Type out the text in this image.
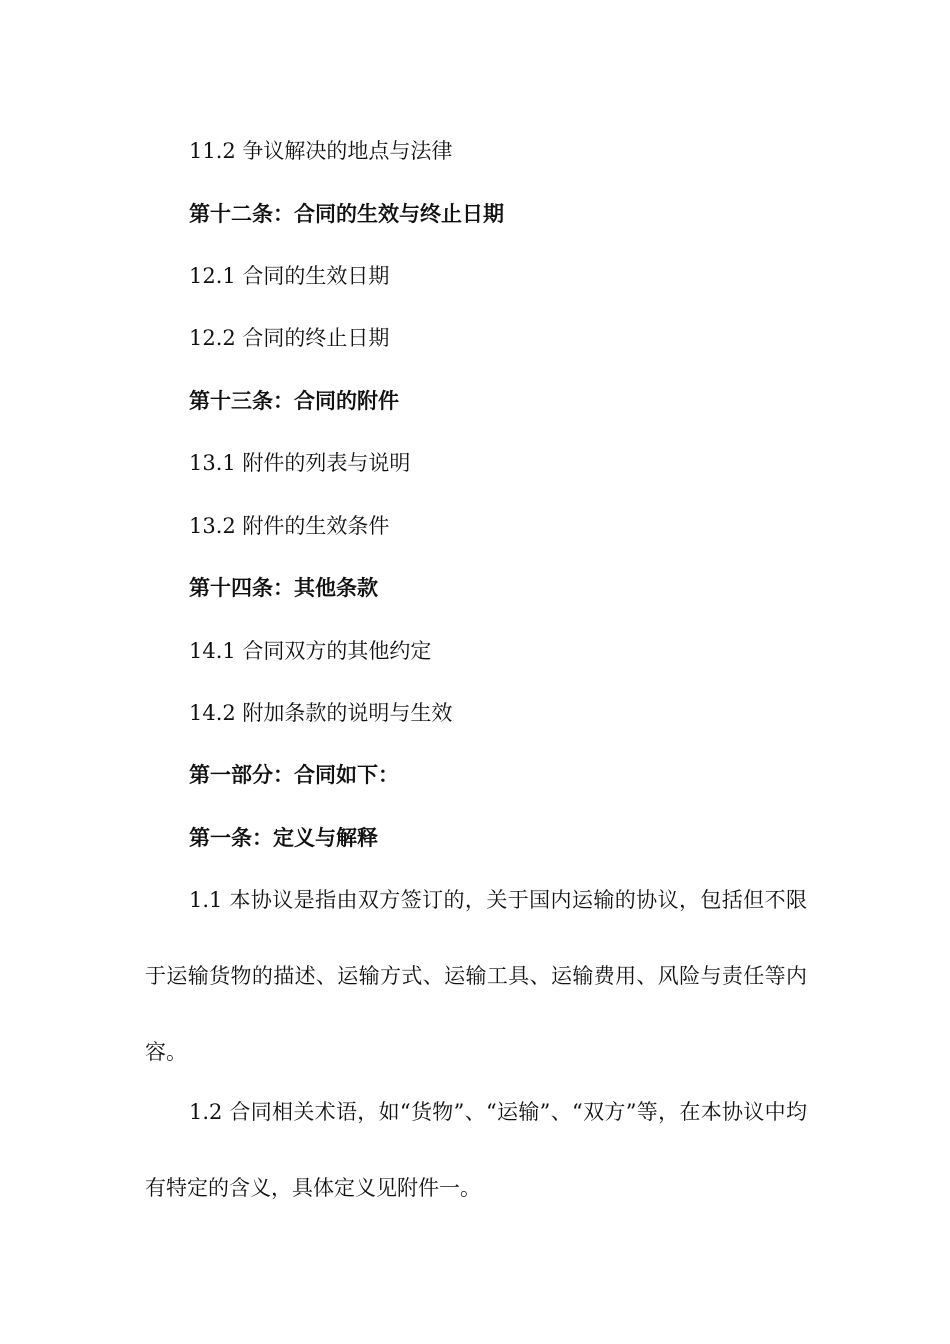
11.2 争议解决的地点与法律
第十二条：合同的生效与终止日期
12.1 合同的生效日期
12.2 合同的终止日期
第十三条：合同的附件
13.1 附件的列表与说明
13.2 附件的生效条件
第十四条：其他条款
14.1 合同双方的其他约定
14.2 附加条款的说明与生效
第一部分：合同如下：
第一条：定义与解释
1.1 本协议是指由双方签订的，关于国内运输的协议，包括但不限于运输货物的描述、运输方式、运输工具、运输费用、风险与责任等内容。
1.2 合同相关术语，如“货物”、“运输”、“双方”等，在本协议中均有特定的含义，具体定义见附件一。
